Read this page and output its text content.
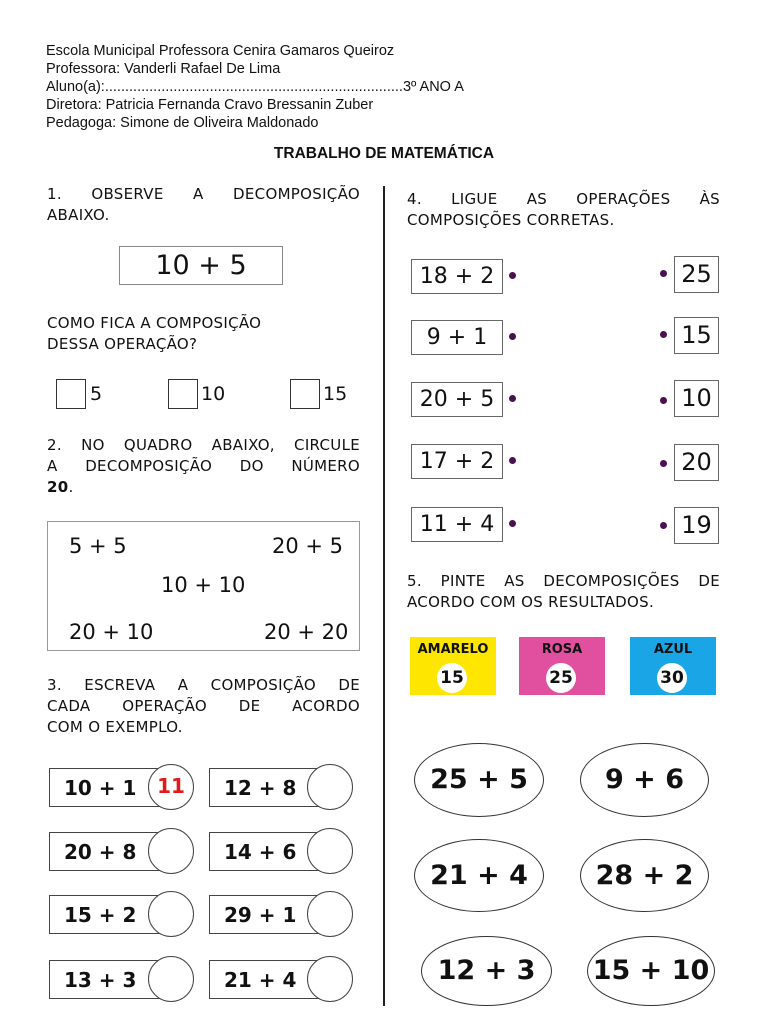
Escola Municipal Professora Cenira Gamaros Queiroz
Professora: Vanderli Rafael De Lima
Aluno(a):..........................................................................3º ANO A
Diretora: Patricia Fernanda Cravo Bressanin Zuber
Pedagoga: Simone de Oliveira Maldonado
TRABALHO DE MATEMÁTICA
1. OBSERVE A DECOMPOSIÇÃO
ABAIXO.
10 + 5
COMO FICA A COMPOSIÇÃO
DESSA OPERAÇÃO?
5	10	15
2. NO QUADRO ABAIXO, CIRCULE
A DECOMPOSIÇÃO DO NÚMERO
20.
5 + 5	20 + 5
10 + 10
20 + 10	20 + 20
3. ESCREVA A COMPOSIÇÃO DE
CADA OPERAÇÃO DE ACORDO
COM O EXEMPLO.
10 + 1	11
20 + 8
15 + 2
13 + 3
12 + 8
14 + 6
29 + 1
21 + 4
4. LIGUE AS OPERAÇÕES ÀS
COMPOSIÇÕES CORRETAS.
18 + 2
9 + 1
20 + 5
17 + 2
11 + 4
25
15
10
20
19
5. PINTE AS DECOMPOSIÇÕES DE
ACORDO COM OS RESULTADOS.
AMARELO
15
ROSA
25
AZUL
30
25 + 5	9 + 6
21 + 4	28 + 2
12 + 3	15 + 10
